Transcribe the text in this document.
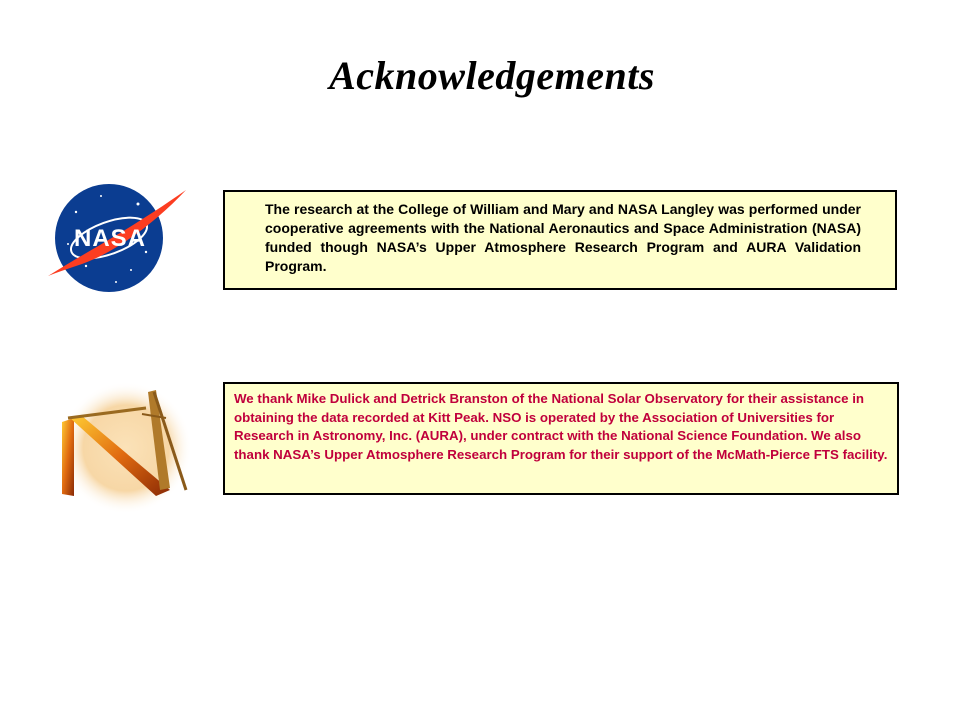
Acknowledgements
NASA
The research at the College of William and Mary and NASA Langley was performed under cooperative agreements with the National Aeronautics and Space Administration (NASA) funded though NASA’s Upper Atmosphere Research Program and AURA Validation Program.
We thank Mike Dulick and Detrick Branston of the National Solar Observatory for their assistance in obtaining the data recorded at Kitt Peak. NSO is operated by the Association of Universities for Research in Astronomy, Inc. (AURA), under contract with the National Science Foundation. We also thank NASA’s Upper Atmosphere Research Program for their support of the McMath-Pierce FTS facility.
